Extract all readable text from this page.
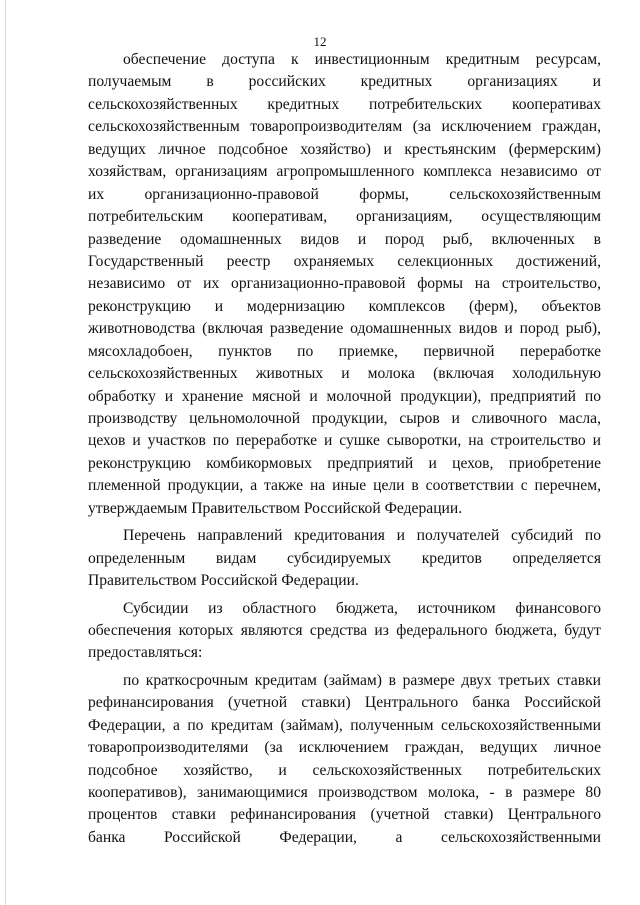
12
обеспечение доступа к инвестиционным кредитным ресурсам,
получаемым в российских кредитных организациях и
сельскохозяйственных кредитных потребительских кооперативах
сельскохозяйственным товаропроизводителям (за исключением граждан,
ведущих личное подсобное хозяйство) и крестьянским (фермерским)
хозяйствам, организациям агропромышленного комплекса независимо от
их организационно-правовой формы, сельскохозяйственным
потребительским кооперативам, организациям, осуществляющим
разведение одомашненных видов и пород рыб, включенных в
Государственный реестр охраняемых селекционных достижений,
независимо от их организационно-правовой формы на строительство,
реконструкцию и модернизацию комплексов (ферм), объектов
животноводства (включая разведение одомашненных видов и пород рыб),
мясохладобоен, пунктов по приемке, первичной переработке
сельскохозяйственных животных и молока (включая холодильную
обработку и хранение мясной и молочной продукции), предприятий по
производству цельномолочной продукции, сыров и сливочного масла,
цехов и участков по переработке и сушке сыворотки, на строительство и
реконструкцию комбикормовых предприятий и цехов, приобретение
племенной продукции, а также на иные цели в соответствии с перечнем,
утверждаемым Правительством Российской Федерации.
Перечень направлений кредитования и получателей субсидий по
определенным видам субсидируемых кредитов определяется
Правительством Российской Федерации.
Субсидии из областного бюджета, источником финансового
обеспечения которых являются средства из федерального бюджета, будут
предоставляться:
по краткосрочным кредитам (займам) в размере двух третьих ставки
рефинансирования (учетной ставки) Центрального банка Российской
Федерации, а по кредитам (займам), полученным сельскохозяйственными
товаропроизводителями (за исключением граждан, ведущих личное
подсобное хозяйство, и сельскохозяйственных потребительских
кооперативов), занимающимися производством молока, - в размере 80
процентов ставки рефинансирования (учетной ставки) Центрального
банка Российской Федерации, а сельскохозяйственными
